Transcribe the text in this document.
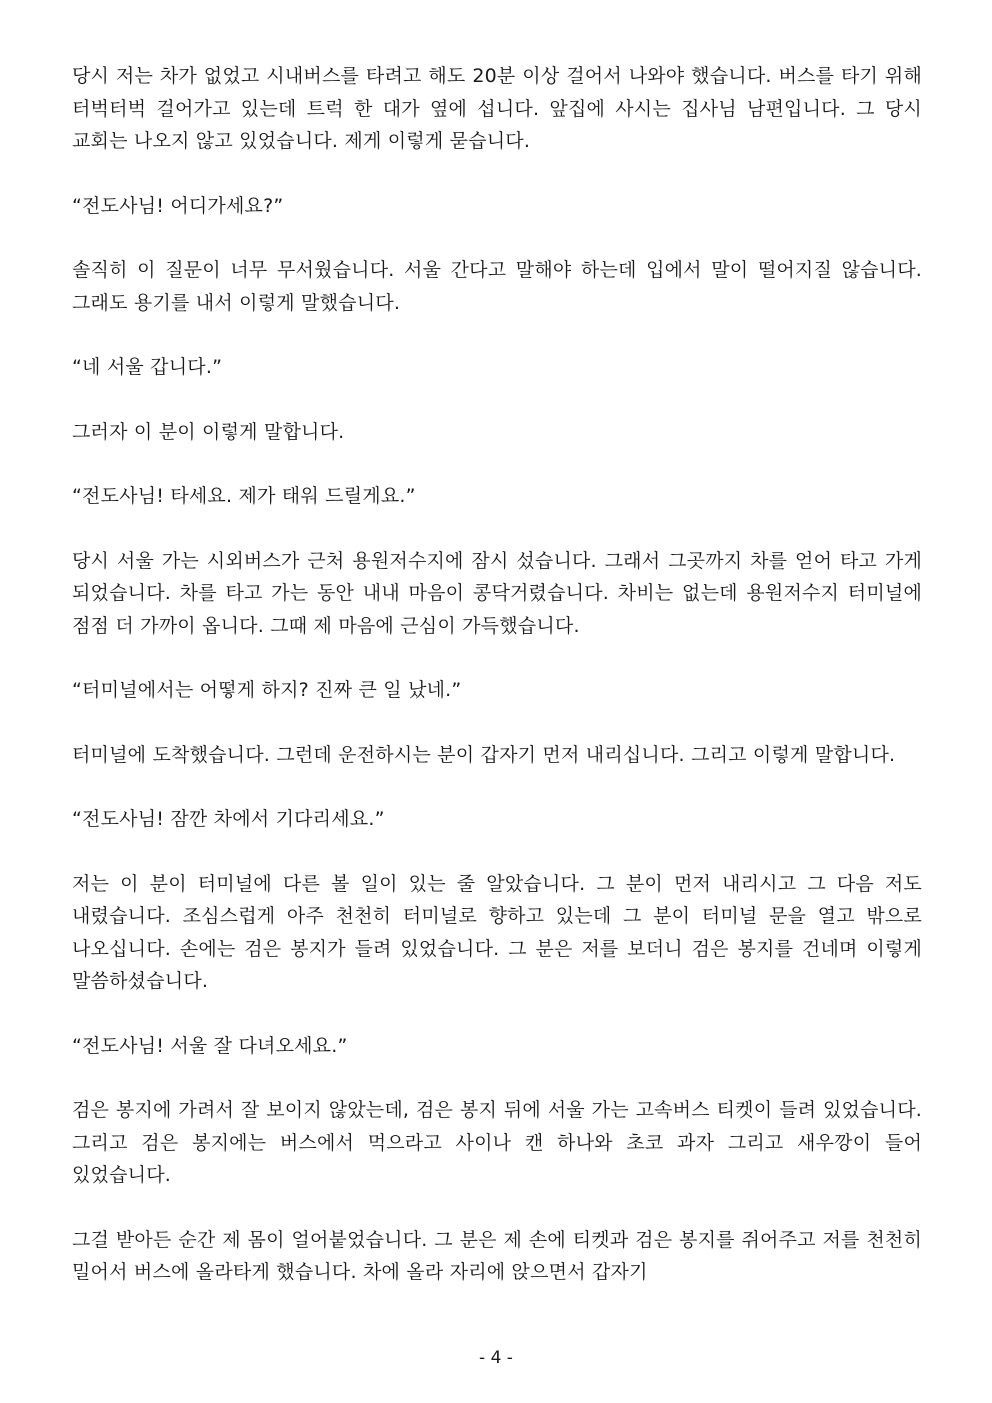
당시 저는 차가 없었고 시내버스를 타려고 해도 20분 이상 걸어서 나와야 했습니다. 버스를 타기 위해 터벅터벅 걸어가고 있는데 트럭 한 대가 옆에 섭니다. 앞집에 사시는 집사님 남편입니다. 그 당시 교회는 나오지 않고 있었습니다. 제게 이렇게 묻습니다.

“전도사님! 어디가세요?”

솔직히 이 질문이 너무 무서웠습니다. 서울 간다고 말해야 하는데 입에서 말이 떨어지질 않습니다. 그래도 용기를 내서 이렇게 말했습니다.

“네 서울 갑니다.”

그러자 이 분이 이렇게 말합니다.

“전도사님! 타세요. 제가 태워 드릴게요.”

당시 서울 가는 시외버스가 근처 용원저수지에 잠시 섰습니다. 그래서 그곳까지 차를 얻어 타고 가게 되었습니다. 차를 타고 가는 동안 내내 마음이 콩닥거렸습니다. 차비는 없는데 용원저수지 터미널에 점점 더 가까이 옵니다. 그때 제 마음에 근심이 가득했습니다.

“터미널에서는 어떻게 하지? 진짜 큰 일 났네.”

터미널에 도착했습니다. 그런데 운전하시는 분이 갑자기 먼저 내리십니다. 그리고 이렇게 말합니다.

“전도사님! 잠깐 차에서 기다리세요.”

저는 이 분이 터미널에 다른 볼 일이 있는 줄 알았습니다. 그 분이 먼저 내리시고 그 다음 저도 내렸습니다. 조심스럽게 아주 천천히 터미널로 향하고 있는데 그 분이 터미널 문을 열고 밖으로 나오십니다. 손에는 검은 봉지가 들려 있었습니다. 그 분은 저를 보더니 검은 봉지를 건네며 이렇게 말씀하셨습니다.

“전도사님! 서울 잘 다녀오세요.”

검은 봉지에 가려서 잘 보이지 않았는데, 검은 봉지 뒤에 서울 가는 고속버스 티켓이 들려 있었습니다. 그리고 검은 봉지에는 버스에서 먹으라고 사이나 캔 하나와 초코 과자 그리고 새우깡이 들어 있었습니다.

그걸 받아든 순간 제 몸이 얼어붙었습니다. 그 분은 제 손에 티켓과 검은 봉지를 쥐어주고 저를 천천히 밀어서 버스에 올라타게 했습니다. 차에 올라 자리에 앉으면서 갑자기

- 4 -
